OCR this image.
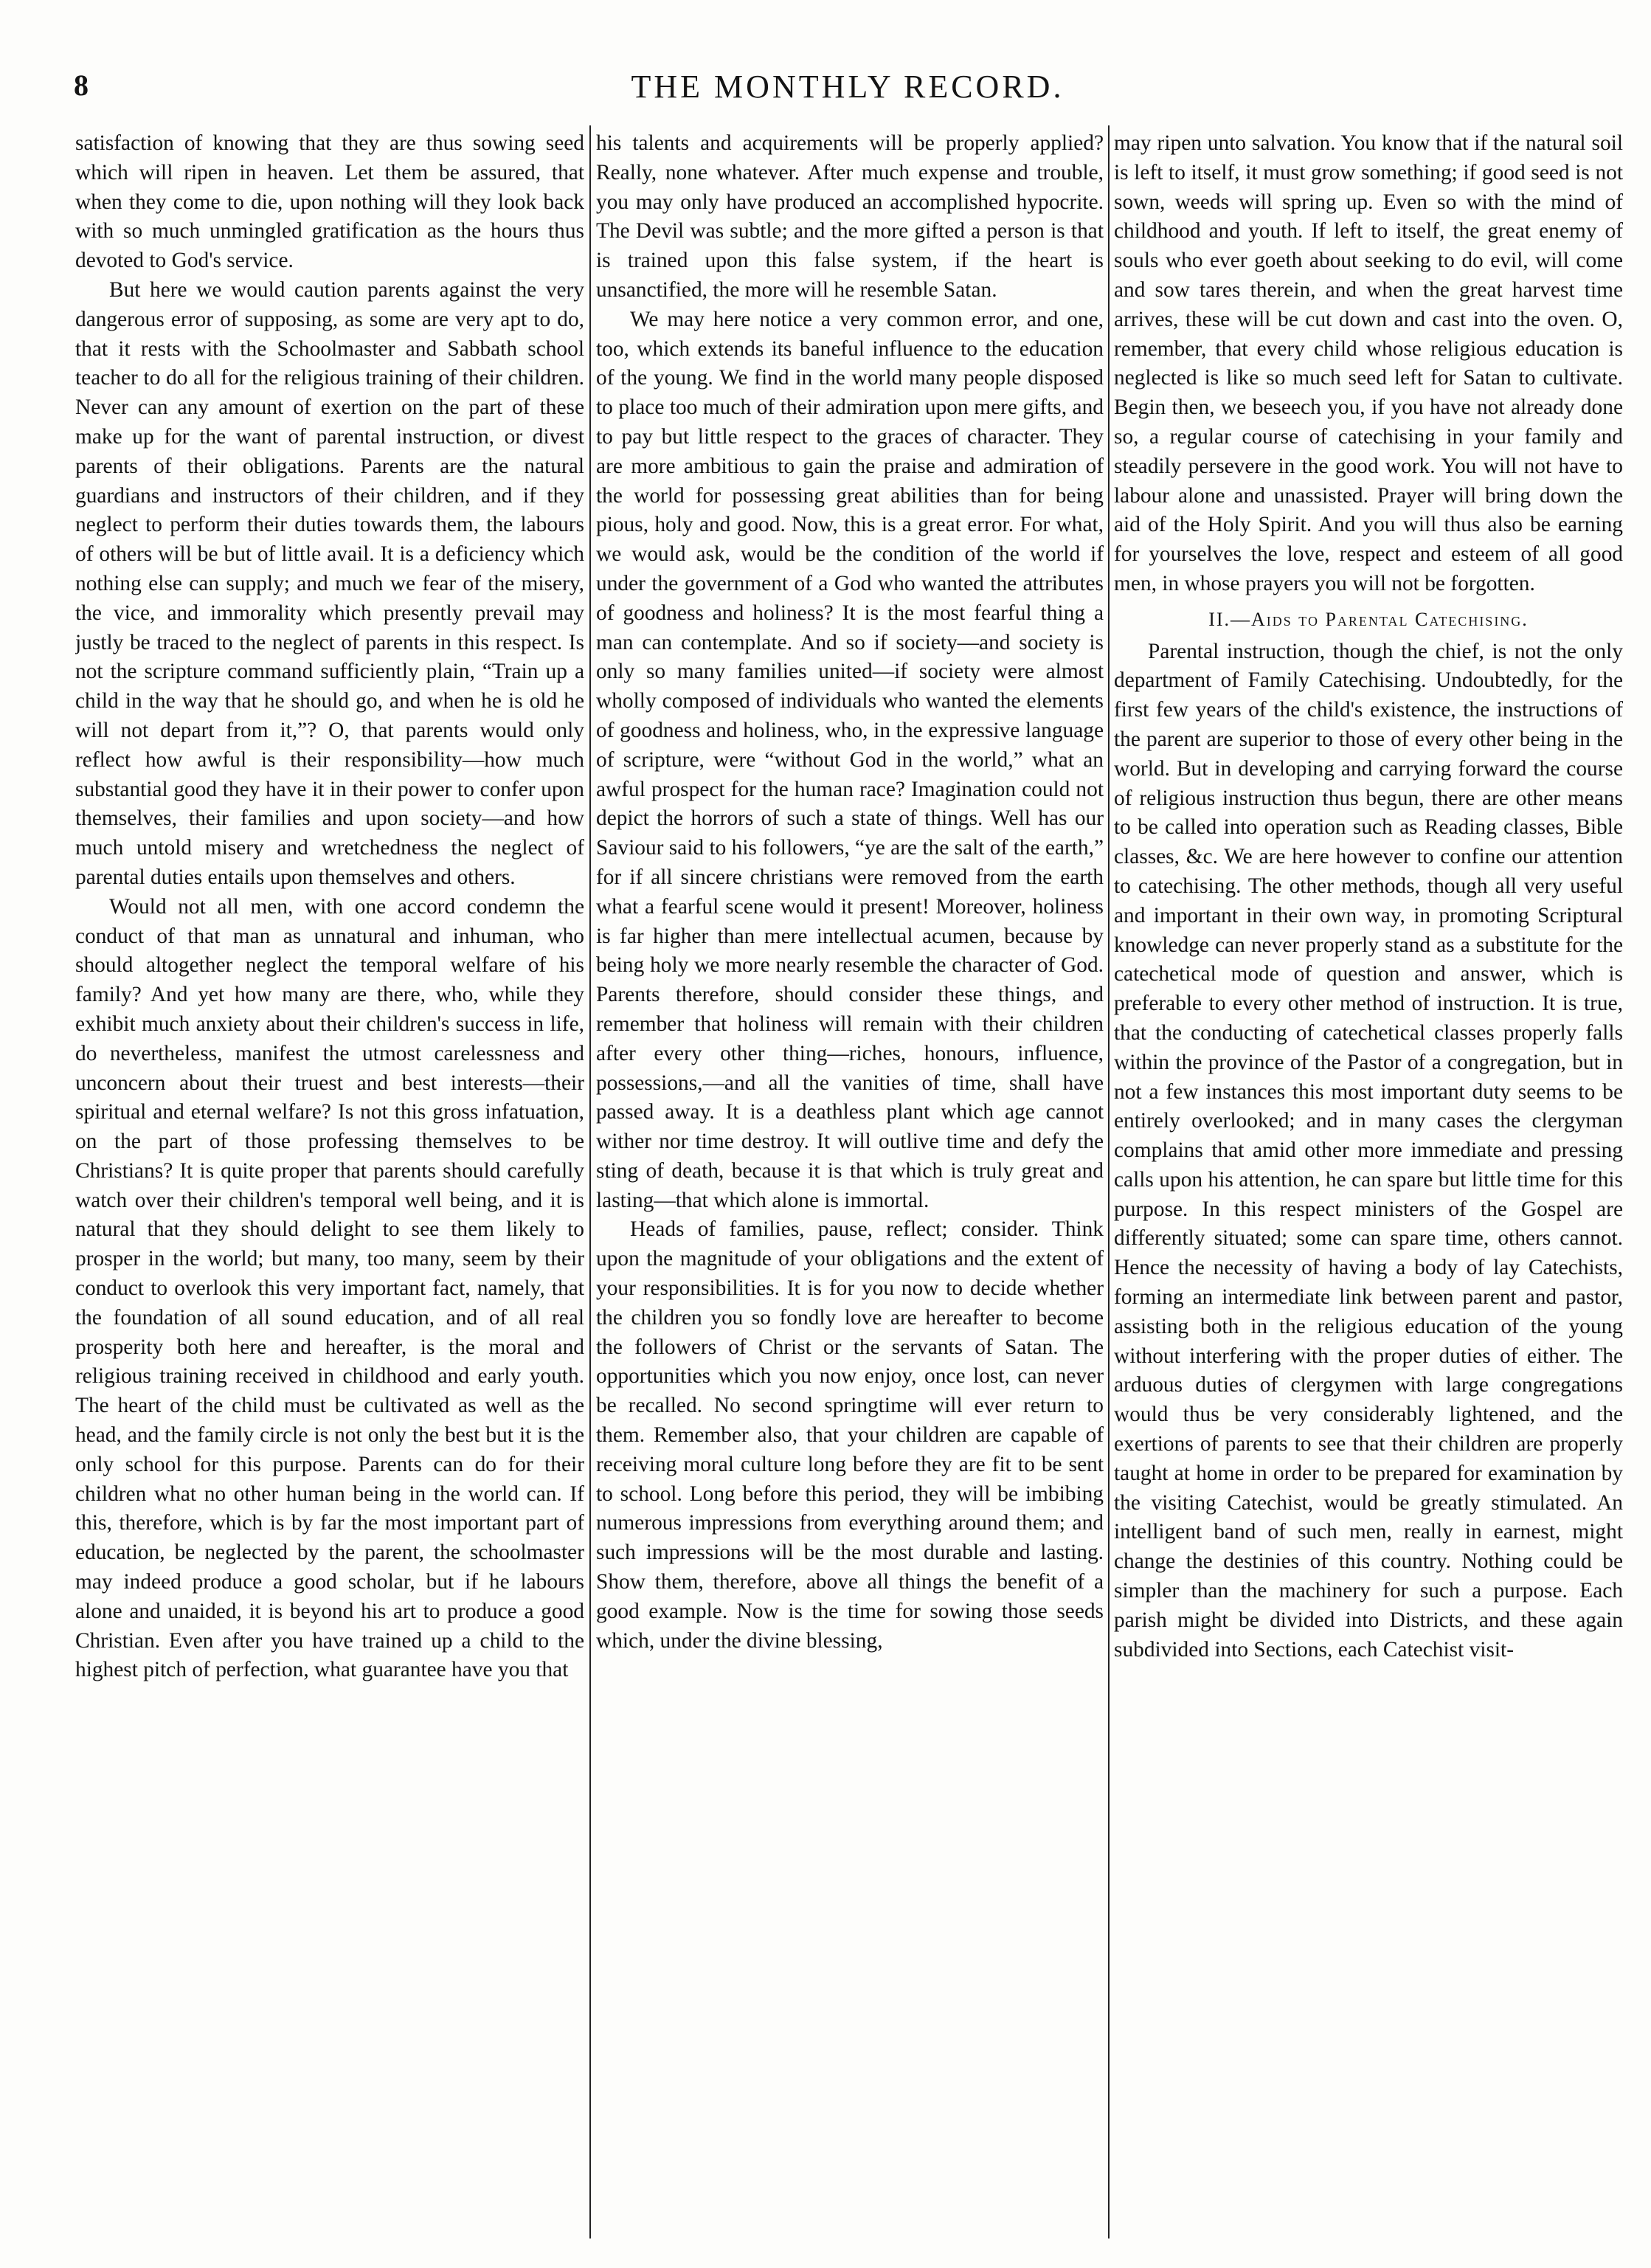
8	THE MONTHLY RECORD.

satisfaction of knowing that they are thus sowing seed which will ripen in heaven. Let them be assured, that when they come to die, upon nothing will they look back with so much unmingled gratification as the hours thus devoted to God's service.

But here we would caution parents against the very dangerous error of supposing, as some are very apt to do, that it rests with the Schoolmaster and Sabbath school teacher to do all for the religious training of their children. Never can any amount of exertion on the part of these make up for the want of parental instruction, or divest parents of their obligations. Parents are the natural guardians and instructors of their children, and if they neglect to perform their duties towards them, the labours of others will be but of little avail. It is a deficiency which nothing else can supply; and much we fear of the misery, the vice, and immorality which presently prevail may justly be traced to the neglect of parents in this respect. Is not the scripture command sufficiently plain, “Train up a child in the way that he should go, and when he is old he will not depart from it,”? O, that parents would only reflect how awful is their responsibility—how much substantial good they have it in their power to confer upon themselves, their families and upon society—and how much untold misery and wretchedness the neglect of parental duties entails upon themselves and others.

Would not all men, with one accord condemn the conduct of that man as unnatural and inhuman, who should altogether neglect the temporal welfare of his family? And yet how many are there, who, while they exhibit much anxiety about their children's success in life, do nevertheless, manifest the utmost carelessness and unconcern about their truest and best interests—their spiritual and eternal welfare? Is not this gross infatuation, on the part of those professing themselves to be Christians? It is quite proper that parents should carefully watch over their children's temporal well being, and it is natural that they should delight to see them likely to prosper in the world; but many, too many, seem by their conduct to overlook this very important fact, namely, that the foundation of all sound education, and of all real prosperity both here and hereafter, is the moral and religious training received in childhood and early youth. The heart of the child must be cultivated as well as the head, and the family circle is not only the best but it is the only school for this purpose. Parents can do for their children what no other human being in the world can. If this, therefore, which is by far the most important part of education, be neglected by the parent, the schoolmaster may indeed produce a good scholar, but if he labours alone and unaided, it is beyond his art to produce a good Christian. Even after you have trained up a child to the highest pitch of perfection, what guarantee have you that

his talents and acquirements will be properly applied? Really, none whatever. After much expense and trouble, you may only have produced an accomplished hypocrite. The Devil was subtle; and the more gifted a person is that is trained upon this false system, if the heart is unsanctified, the more will he resemble Satan.

We may here notice a very common error, and one, too, which extends its baneful influence to the education of the young. We find in the world many people disposed to place too much of their admiration upon mere gifts, and to pay but little respect to the graces of character. They are more ambitious to gain the praise and admiration of the world for possessing great abilities than for being pious, holy and good. Now, this is a great error. For what, we would ask, would be the condition of the world if under the government of a God who wanted the attributes of goodness and holiness? It is the most fearful thing a man can contemplate. And so if society—and society is only so many families united—if society were almost wholly composed of individuals who wanted the elements of goodness and holiness, who, in the expressive language of scripture, were “without God in the world,” what an awful prospect for the human race? Imagination could not depict the horrors of such a state of things. Well has our Saviour said to his followers, “ye are the salt of the earth,” for if all sincere christians were removed from the earth what a fearful scene would it present! Moreover, holiness is far higher than mere intellectual acumen, because by being holy we more nearly resemble the character of God. Parents therefore, should consider these things, and remember that holiness will remain with their children after every other thing—riches, honours, influence, possessions,—and all the vanities of time, shall have passed away. It is a deathless plant which age cannot wither nor time destroy. It will outlive time and defy the sting of death, because it is that which is truly great and lasting—that which alone is immortal.

Heads of families, pause, reflect; consider. Think upon the magnitude of your obligations and the extent of your responsibilities. It is for you now to decide whether the children you so fondly love are hereafter to become the followers of Christ or the servants of Satan. The opportunities which you now enjoy, once lost, can never be recalled. No second springtime will ever return to them. Remember also, that your children are capable of receiving moral culture long before they are fit to be sent to school. Long before this period, they will be imbibing numerous impressions from everything around them; and such impressions will be the most durable and lasting. Show them, therefore, above all things the benefit of a good example. Now is the time for sowing those seeds which, under the divine blessing,

may ripen unto salvation. You know that if the natural soil is left to itself, it must grow something; if good seed is not sown, weeds will spring up. Even so with the mind of childhood and youth. If left to itself, the great enemy of souls who ever goeth about seeking to do evil, will come and sow tares therein, and when the great harvest time arrives, these will be cut down and cast into the oven. O, remember, that every child whose religious education is neglected is like so much seed left for Satan to cultivate. Begin then, we beseech you, if you have not already done so, a regular course of catechising in your family and steadily persevere in the good work. You will not have to labour alone and unassisted. Prayer will bring down the aid of the Holy Spirit. And you will thus also be earning for yourselves the love, respect and esteem of all good men, in whose prayers you will not be forgotten.

II.—Aids to Parental Catechising.

Parental instruction, though the chief, is not the only department of Family Catechising. Undoubtedly, for the first few years of the child's existence, the instructions of the parent are superior to those of every other being in the world. But in developing and carrying forward the course of religious instruction thus begun, there are other means to be called into operation such as Reading classes, Bible classes, &c. We are here however to confine our attention to catechising. The other methods, though all very useful and important in their own way, in promoting Scriptural knowledge can never properly stand as a substitute for the catechetical mode of question and answer, which is preferable to every other method of instruction. It is true, that the conducting of catechetical classes properly falls within the province of the Pastor of a congregation, but in not a few instances this most important duty seems to be entirely overlooked; and in many cases the clergyman complains that amid other more immediate and pressing calls upon his attention, he can spare but little time for this purpose. In this respect ministers of the Gospel are differently situated; some can spare time, others cannot. Hence the necessity of having a body of lay Catechists, forming an intermediate link between parent and pastor, assisting both in the religious education of the young without interfering with the proper duties of either. The arduous duties of clergymen with large congregations would thus be very considerably lightened, and the exertions of parents to see that their children are properly taught at home in order to be prepared for examination by the visiting Catechist, would be greatly stimulated. An intelligent band of such men, really in earnest, might change the destinies of this country. Nothing could be simpler than the machinery for such a purpose. Each parish might be divided into Districts, and these again subdivided into Sections, each Catechist visit-
